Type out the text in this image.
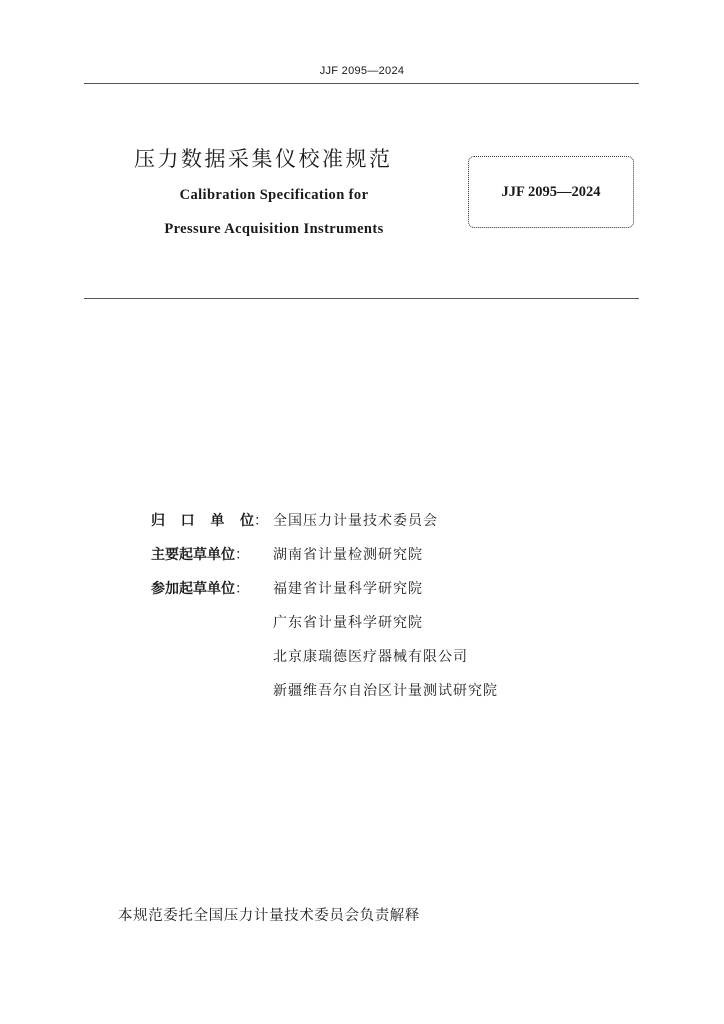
JJF 2095—2024
压力数据采集仪校准规范
Calibration Specification for
Pressure Acquisition Instruments
JJF 2095—2024
归 口 单 位 ： 全国压力计量技术委员会
主要起草单位：	湖南省计量检测研究院
参加起草单位：	福建省计量科学研究院
广东省计量科学研究院
北京康瑞德医疗器械有限公司
新疆维吾尔自治区计量测试研究院
本规范委托全国压力计量技术委员会负责解释
